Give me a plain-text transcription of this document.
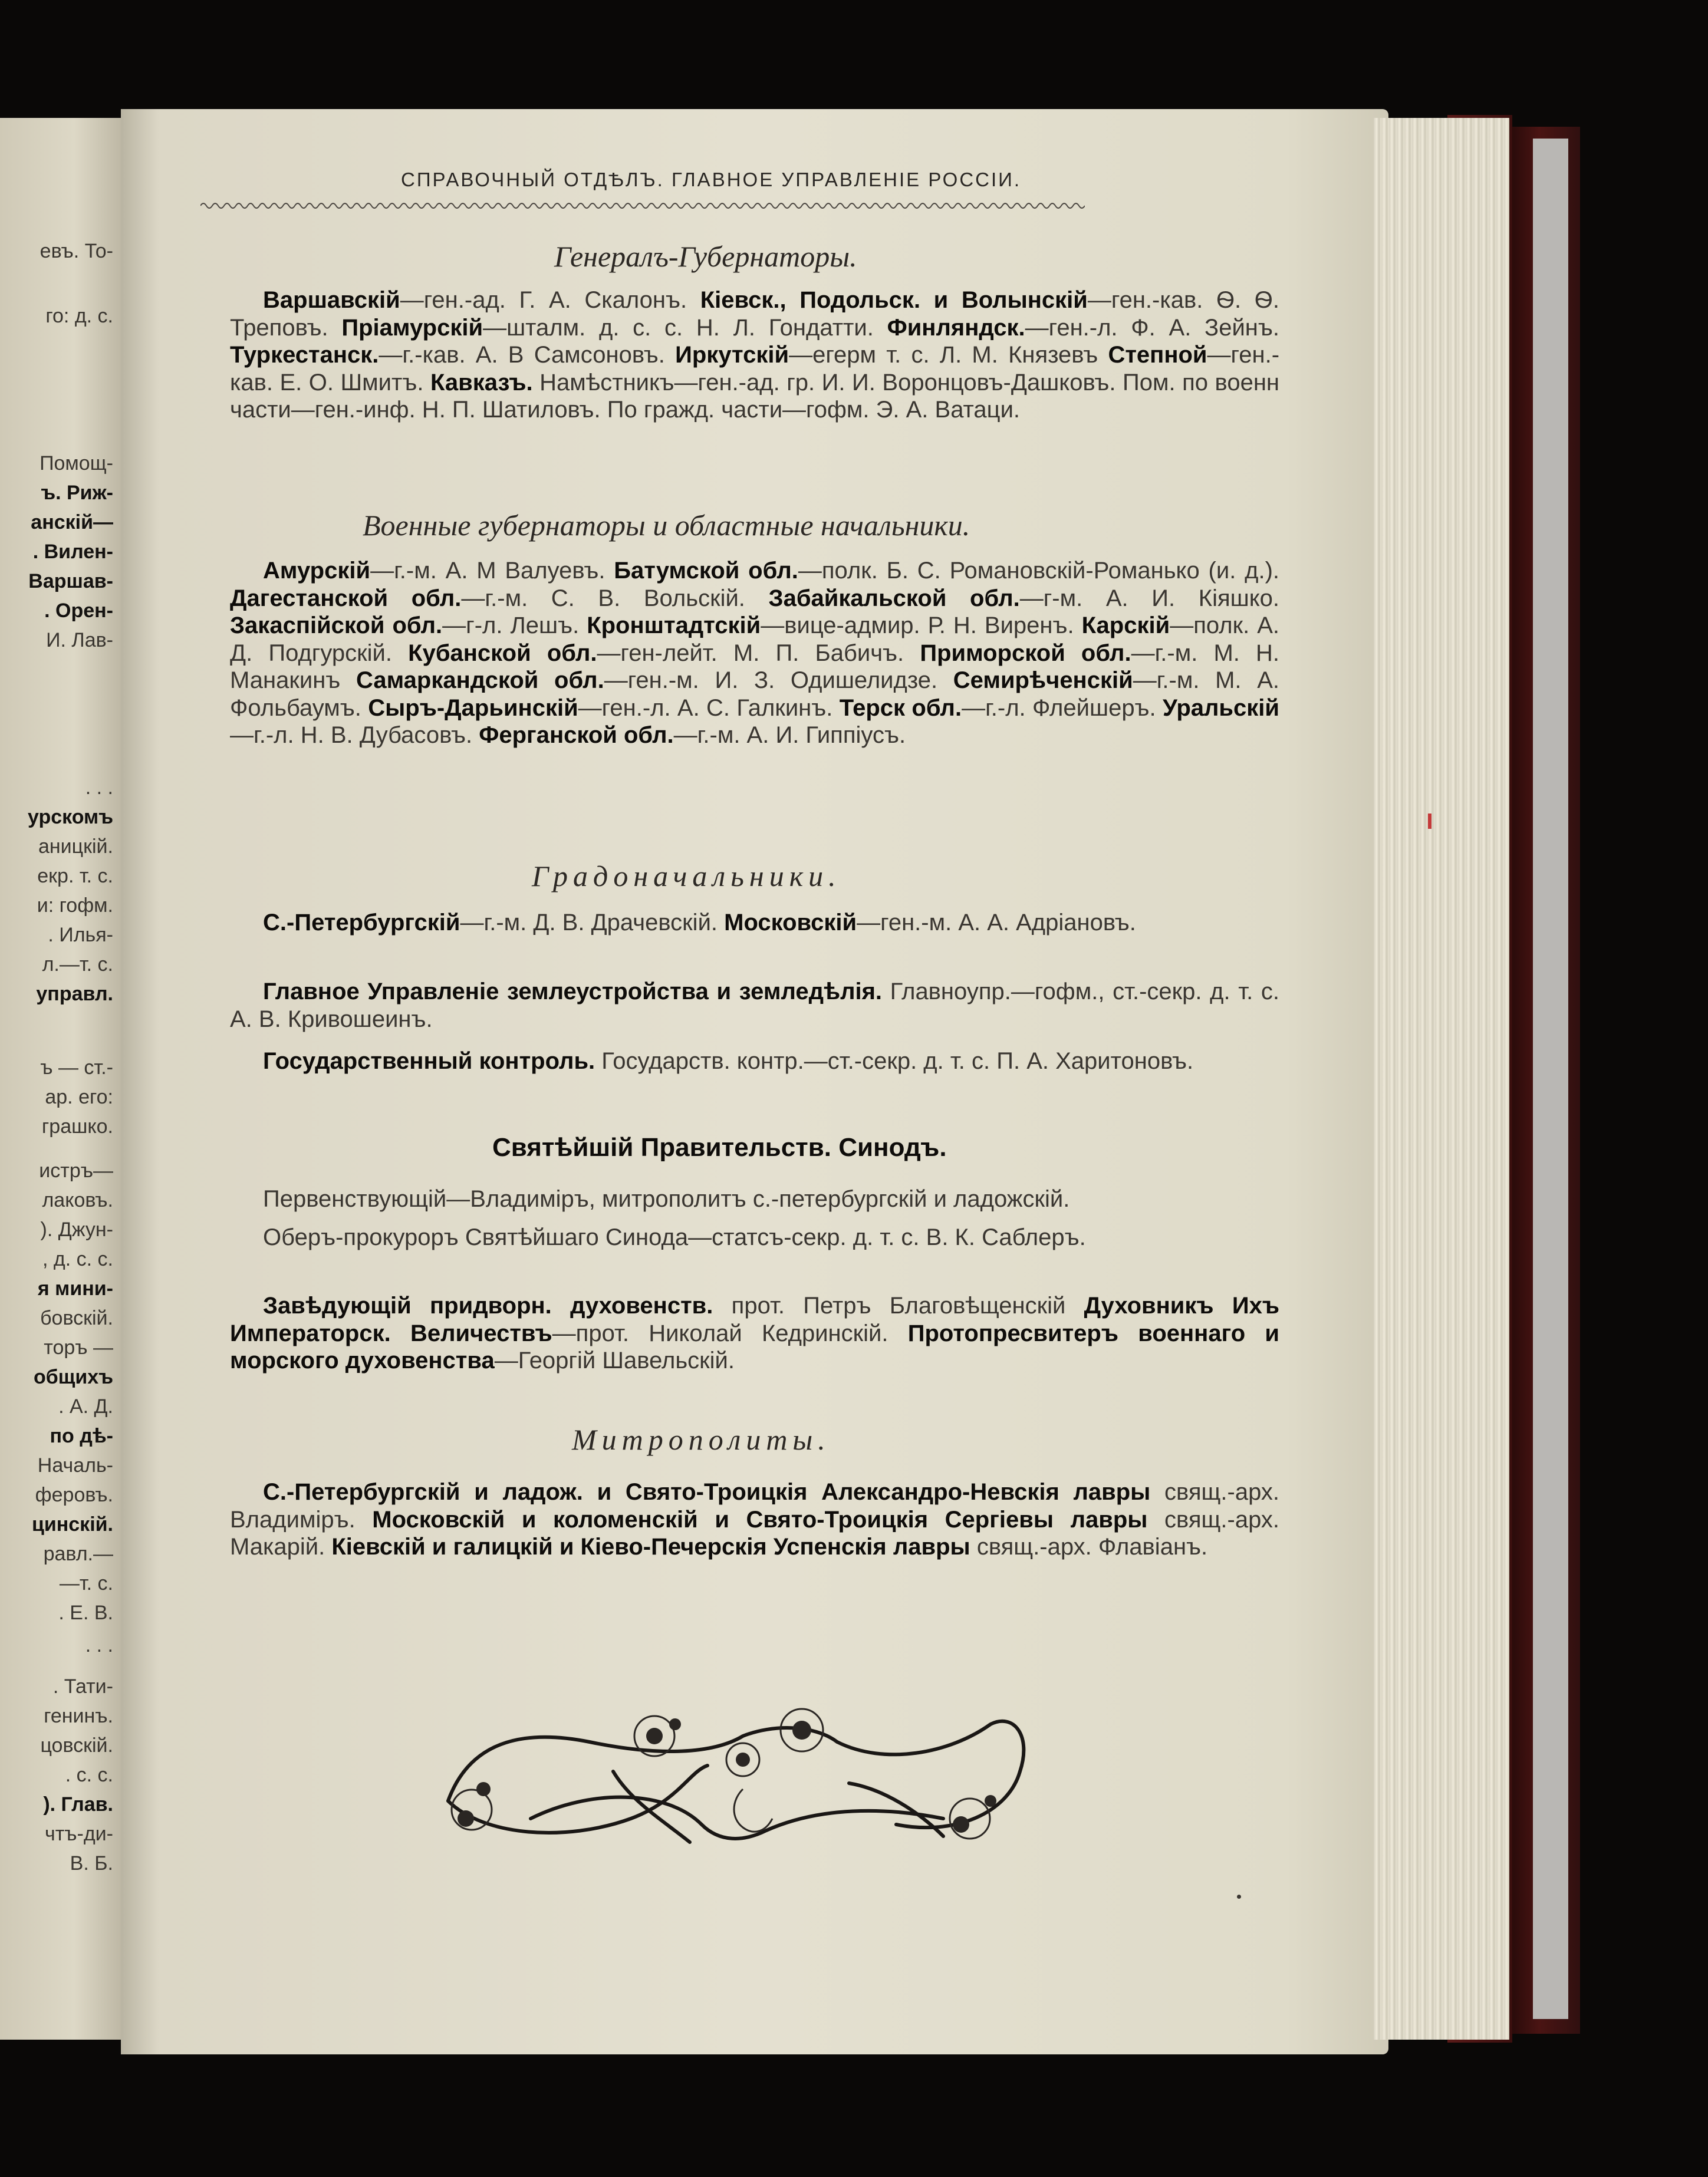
евъ. То-
го: д. с.
Помощ-
ъ. Риж-
анскій—
. Вилен-
Варшав-
. Орен-
И. Лав-
. . .
урскомъ
аницкій.
екр. т. с.
и: гофм.
. Илья-
л.—т. с.
управл.
ъ — ст.-
ар. его:
грашко.
истръ—
лаковъ.
). Джун-
, д. с. с.
я мини-
бовскій.
торъ —
общихъ
. А. Д.
по дѣ-
Началь-
феровъ.
цинскій.
равл.—
—т. с.
. Е. В.
. . .
. Тати-
генинъ.
цовскій.
. с. с.
). Глав.
чтъ-ди-
В. Б.
СПРАВОЧНЫЙ ОТДѢЛЪ. ГЛАВНОЕ УПРАВЛЕНІЕ РОССІИ.
Генералъ-Губернаторы.
Варшавскій—ген.-ад. Г. А. Скалонъ. Кіевск., Подольск. и Волынскій—ген.-кав. Ѳ. Ѳ. Треповъ. Пріамурскій—шталм. д. с. с. Н. Л. Гондатти. Финляндск.—ген.-л. Ф. А. Зейнъ. Туркестанск.—г.-кав. А. В Самсоновъ. Иркутскій—егерм т. с. Л. М. Князевъ Степной—ген.-кав. Е. О. Шмитъ. Кавказъ. Намѣстникъ—ген.-ад. гр. И. И. Воронцовъ-Дашковъ. Пом. по военн части—ген.-инф. Н. П. Шатиловъ. По гражд. части—гофм. Э. А. Ватаци.
Военные губернаторы и областные начальники.
Амурскій—г.-м. А. М Валуевъ. Батумской обл.—полк. Б. С. Романовскій-Романько (и. д.). Дагестанской обл.—г.-м. С. В. Вольскій. Забайкальской обл.—г-м. А. И. Кіяшко. Закаспійской обл.—г-л. Лешъ. Кронштадтскій—вице-адмир. Р. Н. Виренъ. Карскій—полк. А. Д. Подгурскій. Кубанской обл.—ген-лейт. М. П. Бабичъ. Приморской обл.—г.-м. М. Н. Манакинъ Самаркандской обл.—ген.-м. И. З. Одишелидзе. Семирѣченскій—г.-м. М. А. Фольбаумъ. Сыръ-Дарьинскій—ген.-л. А. С. Галкинъ. Терск обл.—г.-л. Флейшеръ. Уральскій—г.-л. Н. В. Дубасовъ. Ферганской обл.—г.-м. А. И. Гиппіусъ.
Градоначальники.
С.-Петербургскій—г.-м. Д. В. Драчевскій. Московскій—ген.-м. А. А. Адріановъ.
Главное Управленіе землеустройства и земледѣлія. Главноупр.—гофм., ст.-секр. д. т. с. А. В. Кривошеинъ.
Государственный контроль. Государств. контр.—ст.-секр. д. т. с. П. А. Харитоновъ.
Святѣйшій Правительств. Синодъ.
Первенствующій—Владиміръ, митрополитъ с.-петербургскій и ладожскій.
Оберъ-прокуроръ Святѣйшаго Синода—статсъ-секр. д. т. с. В. К. Саблеръ.
Завѣдующій придворн. духовенств. прот. Петръ Благовѣщенскій Духовникъ Ихъ Императорск. Величествъ—прот. Николай Кедринскій. Протопресвитеръ военнаго и морского духовенства—Георгій Шавельскій.
Митрополиты.
С.-Петербургскій и ладож. и Свято-Троицкія Александро-Невскія лавры свящ.-арх. Владиміръ. Московскій и коломенскій и Свято-Троицкія Сергіевы лавры свящ.-арх. Макарій. Кіевскій и галицкій и Кіево-Печерскія Успенскія лавры свящ.-арх. Флавіанъ.
